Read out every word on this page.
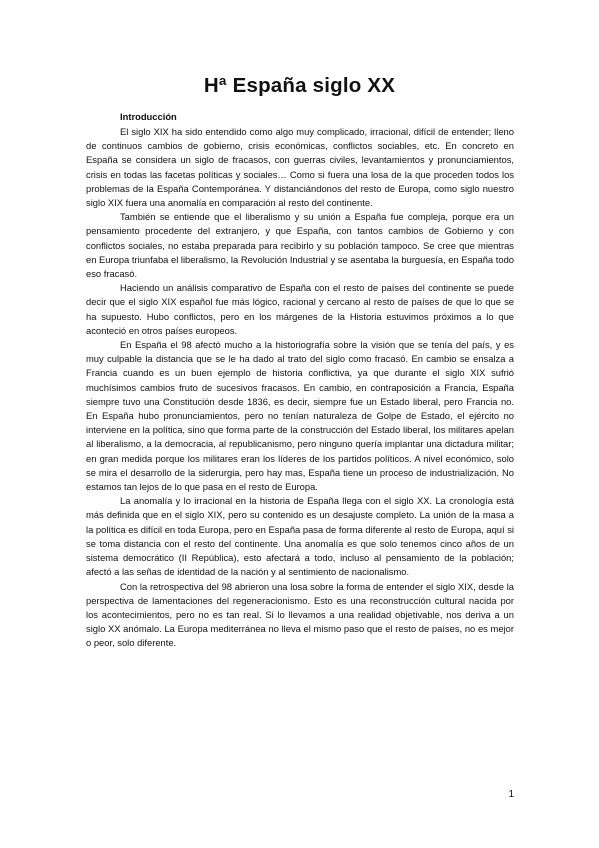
Hª España siglo XX
Introducción

El siglo XIX ha sido entendido como algo muy complicado, irracional, difícil de entender; lleno de continuos cambios de gobierno, crisis económicas, conflictos sociables, etc. En concreto en España se considera un siglo de fracasos, con guerras civiles, levantamientos y pronunciamientos, crisis en todas las facetas políticas y sociales… Como si fuera una losa de la que proceden todos los problemas de la España Contemporánea. Y distanciándonos del resto de Europa, como siglo nuestro siglo XIX fuera una anomalía en comparación al resto del continente.

También se entiende que el liberalismo y su unión a España fue compleja, porque era un pensamiento procedente del extranjero, y que España, con tantos cambios de Gobierno y con conflictos sociales, no estaba preparada para recibirlo y su población tampoco. Se cree que mientras en Europa triunfaba el liberalismo, la Revolución Industrial y se asentaba la burguesía, en España todo eso fracasó.

Haciendo un análisis comparativo de España con el resto de países del continente se puede decir que el siglo XIX español fue más lógico, racional y cercano al resto de países de que lo que se ha supuesto. Hubo conflictos, pero en los márgenes de la Historia estuvimos próximos a lo que aconteció en otros países europeos.

En España el 98 afectó mucho a la historiografía sobre la visión que se tenía del país, y es muy culpable la distancia que se le ha dado al trato del siglo como fracasó. En cambio se ensalza a Francia cuando es un buen ejemplo de historia conflictiva, ya que durante el siglo XIX sufrió muchísimos cambios fruto de sucesivos fracasos. En cambio, en contraposición a Francia, España siempre tuvo una Constitución desde 1836, es decir, siempre fue un Estado liberal, pero Francia no. En España hubo pronunciamientos, pero no tenían naturaleza de Golpe de Estado, el ejército no interviene en la política, sino que forma parte de la construcción del Estado liberal, los militares apelan al liberalismo, a la democracia, al republicanismo, pero ninguno quería implantar una dictadura militar; en gran medida porque los militares eran los líderes de los partidos políticos. A nivel económico, solo se mira el desarrollo de la siderurgia, pero hay mas, España tiene un proceso de industrialización. No estamos tan lejos de lo que pasa en el resto de Europa.

La anomalía y lo irracional en la historia de España llega con el siglo XX. La cronología está más definida que en el siglo XIX, pero su contenido es un desajuste completo. La unión de la masa a la política es difícil en toda Europa, pero en España pasa de forma diferente al resto de Europa, aquí si se toma distancia con el resto del continente. Una anomalía es que solo tenemos cinco años de un sistema democrático (II República), esto afectará a todo, incluso al pensamiento de la población; afectó a las señas de identidad de la nación y al sentimiento de nacionalismo.

Con la retrospectiva del 98 abrieron una losa sobre la forma de entender el siglo XIX, desde la perspectiva de lamentaciones del regeneracionismo. Esto es una reconstrucción cultural nacida por los acontecimientos, pero no es tan real. Si lo llevamos a una realidad objetivable, nos deriva a un siglo XX anómalo. La Europa mediterránea no lleva el mismo paso que el resto de países, no es mejor o peor, solo diferente.

1
